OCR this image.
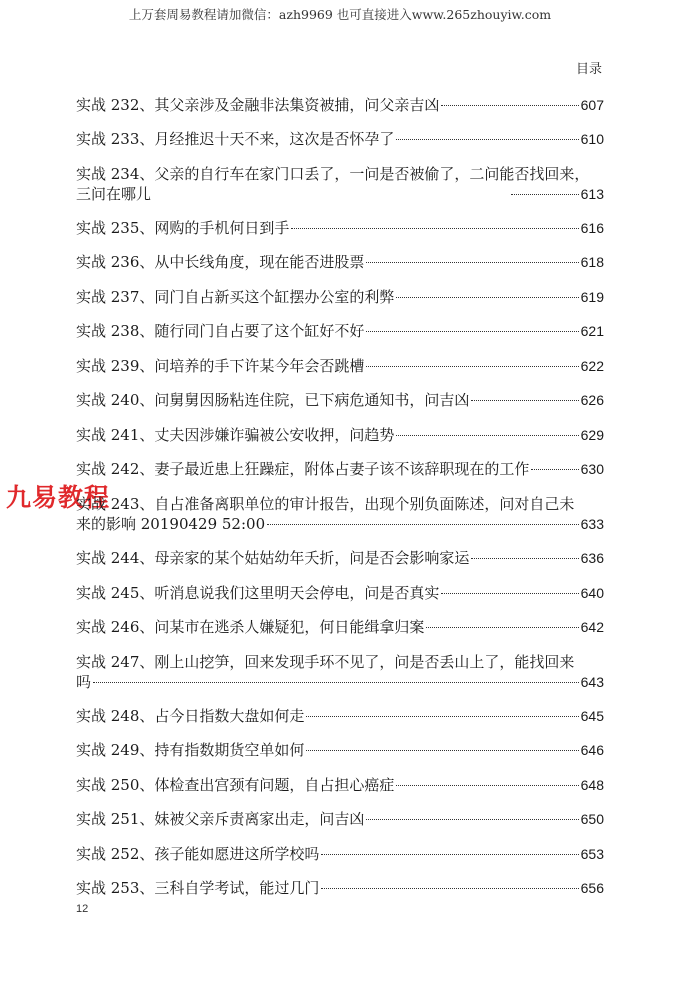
上万套周易教程请加微信：azh9969 也可直接进入www.265zhouyiw.com
目录
九易教程
实战 232、其父亲涉及金融非法集资被捕，问父亲吉凶	607
实战 233、月经推迟十天不来，这次是否怀孕了	610
实战 234、父亲的自行车在家门口丢了，一问是否被偷了，二问能否找回来，
三问在哪儿	613
实战 235、网购的手机何日到手	616
实战 236、从中长线角度，现在能否进股票	618
实战 237、同门自占新买这个缸摆办公室的利弊	619
实战 238、随行同门自占要了这个缸好不好	621
实战 239、问培养的手下许某今年会否跳槽	622
实战 240、问舅舅因肠粘连住院，已下病危通知书，问吉凶	626
实战 241、丈夫因涉嫌诈骗被公安收押，问趋势	629
实战 242、妻子最近患上狂躁症，附体占妻子该不该辞职现在的工作	630
实战 243、自占准备离职单位的审计报告，出现个别负面陈述，问对自己未
来的影响 20190429 52:00	633
实战 244、母亲家的某个姑姑幼年夭折，问是否会影响家运	636
实战 245、听消息说我们这里明天会停电，问是否真实	640
实战 246、问某市在逃杀人嫌疑犯，何日能缉拿归案	642
实战 247、刚上山挖笋，回来发现手环不见了，问是否丢山上了，能找回来
吗	643
实战 248、占今日指数大盘如何走	645
实战 249、持有指数期货空单如何	646
实战 250、体检查出宫颈有问题，自占担心癌症	648
实战 251、妹被父亲斥责离家出走，问吉凶	650
实战 252、孩子能如愿进这所学校吗	653
实战 253、三科自学考试，能过几门	656
12
